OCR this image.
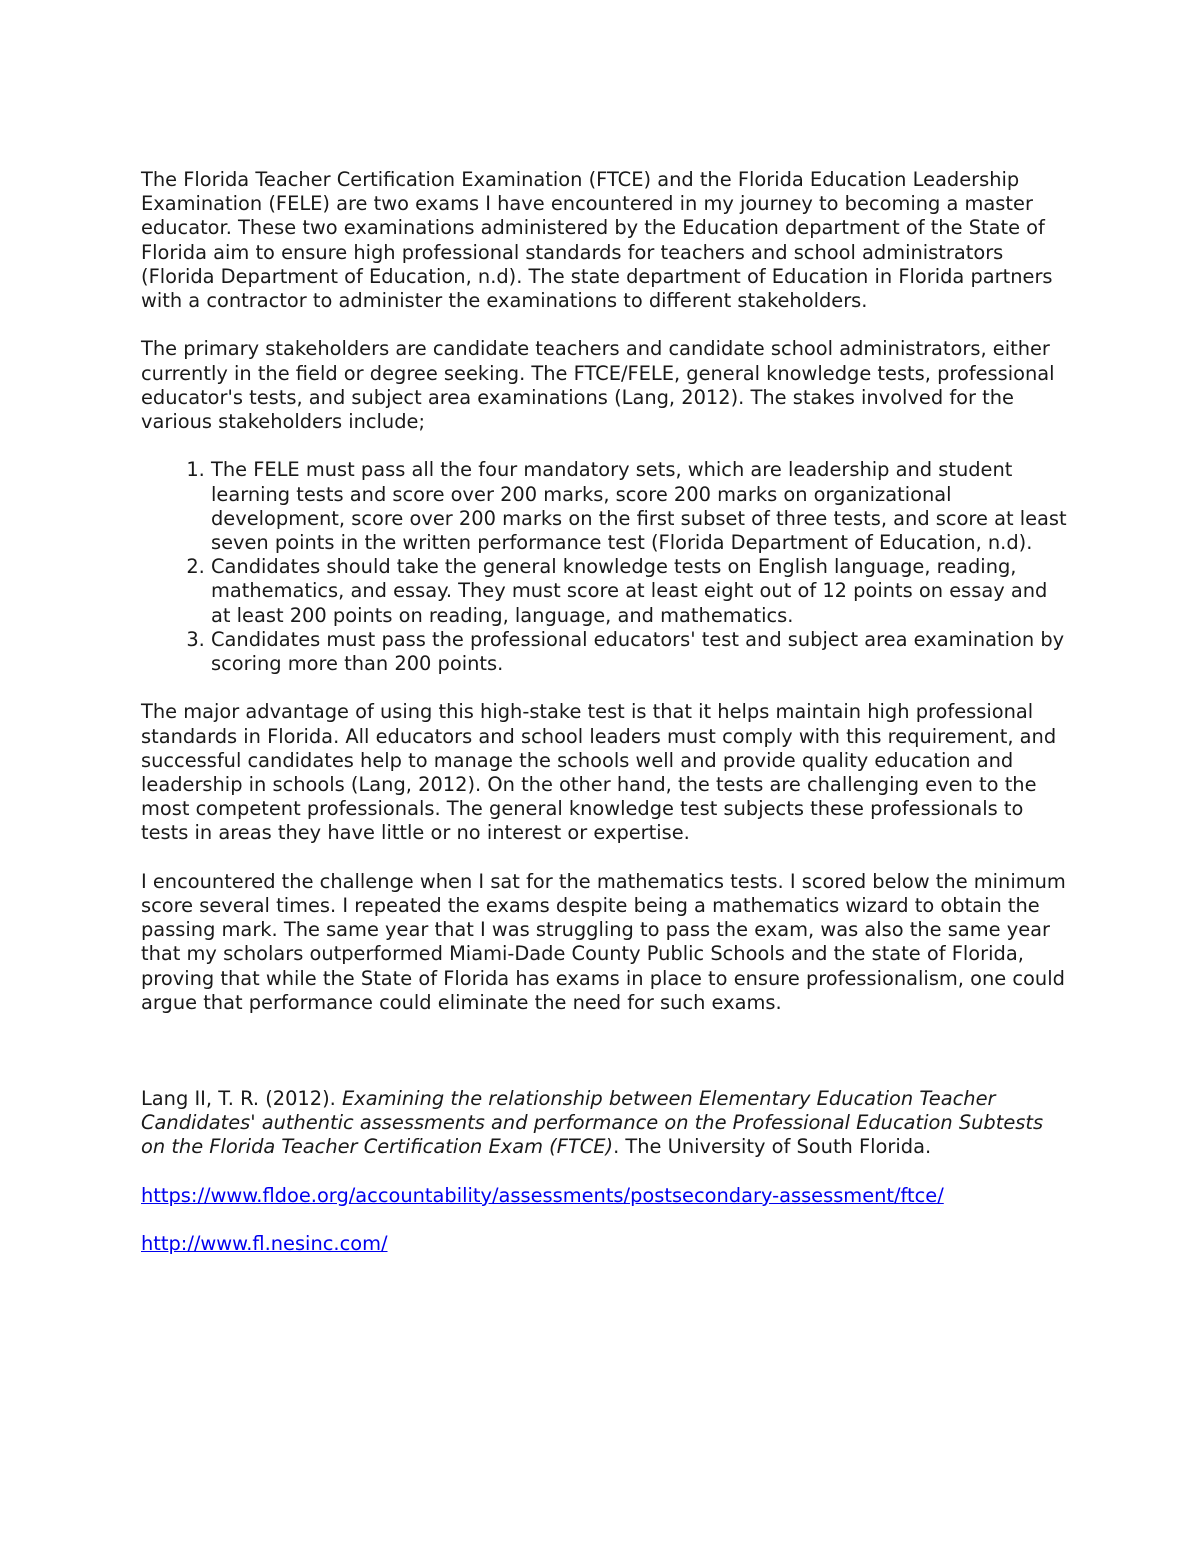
The Florida Teacher Certification Examination (FTCE) and the Florida Education Leadership Examination (FELE) are two exams I have encountered in my journey to becoming a master educator. These two examinations administered by the Education department of the State of Florida aim to ensure high professional standards for teachers and school administrators (Florida Department of Education, n.d). The state department of Education in Florida partners with a contractor to administer the examinations to different stakeholders.

The primary stakeholders are candidate teachers and candidate school administrators, either currently in the field or degree seeking. The FTCE/FELE, general knowledge tests, professional educator's tests, and subject area examinations (Lang, 2012). The stakes involved for the various stakeholders include;

1. The FELE must pass all the four mandatory sets, which are leadership and student learning tests and score over 200 marks, score 200 marks on organizational development, score over 200 marks on the first subset of three tests, and score at least seven points in the written performance test (Florida Department of Education, n.d).
2. Candidates should take the general knowledge tests on English language, reading, mathematics, and essay. They must score at least eight out of 12 points on essay and at least 200 points on reading, language, and mathematics.
3. Candidates must pass the professional educators' test and subject area examination by scoring more than 200 points.

The major advantage of using this high-stake test is that it helps maintain high professional standards in Florida. All educators and school leaders must comply with this requirement, and successful candidates help to manage the schools well and provide quality education and leadership in schools (Lang, 2012). On the other hand, the tests are challenging even to the most competent professionals. The general knowledge test subjects these professionals to tests in areas they have little or no interest or expertise.

I encountered the challenge when I sat for the mathematics tests. I scored below the minimum score several times. I repeated the exams despite being a mathematics wizard to obtain the passing mark. The same year that I was struggling to pass the exam, was also the same year that my scholars outperformed Miami-Dade County Public Schools and the state of Florida, proving that while the State of Florida has exams in place to ensure professionalism, one could argue that performance could eliminate the need for such exams.

Lang II, T. R. (2012). Examining the relationship between Elementary Education Teacher Candidates' authentic assessments and performance on the Professional Education Subtests on the Florida Teacher Certification Exam (FTCE). The University of South Florida.

https://www.fldoe.org/accountability/assessments/postsecondary-assessment/ftce/
http://www.fl.nesinc.com/
